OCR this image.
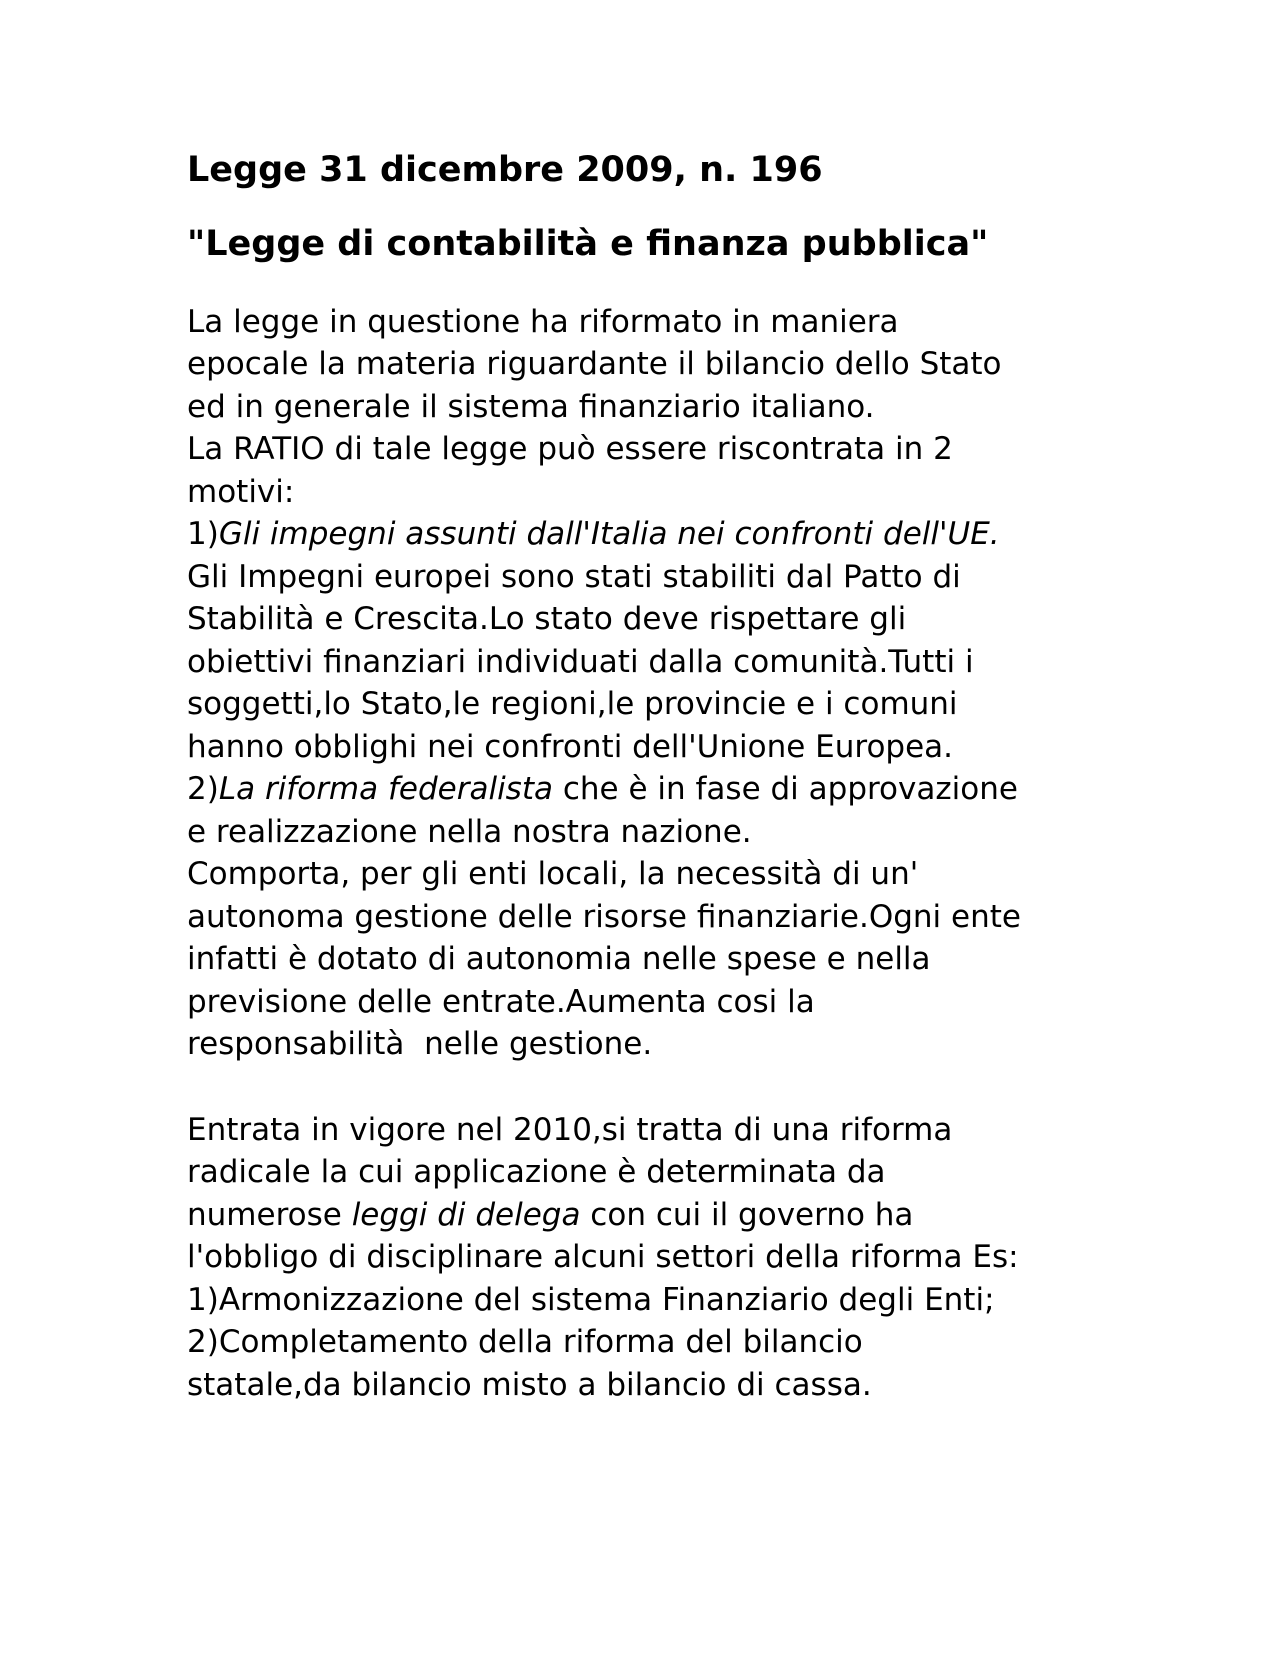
Legge 31 dicembre 2009, n. 196
"Legge di contabilità e finanza pubblica"

La legge in questione ha riformato in maniera

epocale la materia riguardante il bilancio dello Stato

ed in generale il sistema finanziario italiano.

La RATIO di tale legge può essere riscontrata in 2

motivi:

1)Gli impegni assunti dall'Italia nei confronti dell'UE.

Gli Impegni europei sono stati stabiliti dal Patto di

Stabilità e Crescita.Lo stato deve rispettare gli

obiettivi finanziari individuati dalla comunità.Tutti i

soggetti,lo Stato,le regioni,le provincie e i comuni

hanno obblighi nei confronti dell'Unione Europea.

2)La riforma federalista che è in fase di approvazione

e realizzazione nella nostra nazione.

Comporta, per gli enti locali, la necessità di un'

autonoma gestione delle risorse finanziarie.Ogni ente

infatti è dotato di autonomia nelle spese e nella

previsione delle entrate.Aumenta cosi la

responsabilità  nelle gestione.

Entrata in vigore nel 2010,si tratta di una riforma

radicale la cui applicazione è determinata da

numerose leggi di delega con cui il governo ha

l'obbligo di disciplinare alcuni settori della riforma Es:

1)Armonizzazione del sistema Finanziario degli Enti;

2)Completamento della riforma del bilancio

statale,da bilancio misto a bilancio di cassa.
